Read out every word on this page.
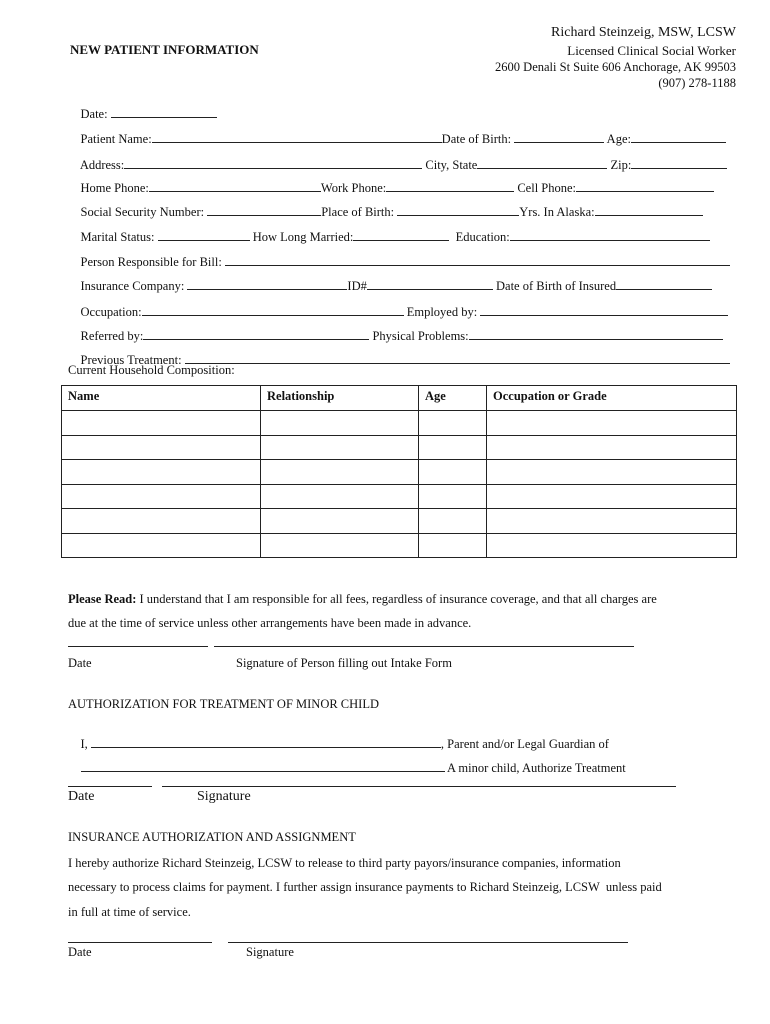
Richard Steinzeig, MSW, LCSW
NEW PATIENT INFORMATION	Licensed Clinical Social Worker
2600 Denali St Suite 606 Anchorage, AK 99503
(907) 278-1188

Date:

Patient Name:	Date of Birth:	Age:

Address:	City, State	Zip:

Home Phone:	Work Phone:	Cell Phone:

Social Security Number:	Place of Birth:	Yrs. In Alaska:

Marital Status:	How Long Married:	Education:

Person Responsible for Bill:

Insurance Company:	ID#	Date of Birth of Insured

Occupation:	Employed by:

Referred by:	Physical Problems:

Previous Treatment:

Current Household Composition:
Name	Relationship	Age	Occupation or Grade

Please Read: I understand that I am responsible for all fees, regardless of insurance coverage, and that all charges are
due at the time of service unless other arrangements have been made in advance.
Date	Signature of Person filling out Intake Form
AUTHORIZATION FOR TREATMENT OF MINOR CHILD

I,	, Parent and/or Legal Guardian of

A minor child, Authorize Treatment

Date	Signature
INSURANCE AUTHORIZATION AND ASSIGNMENT
I hereby authorize Richard Steinzeig, LCSW to release to third party payors/insurance companies, information
necessary to process claims for payment. I further assign insurance payments to Richard Steinzeig, LCSW  unless paid
in full at time of service.
Date	Signature
